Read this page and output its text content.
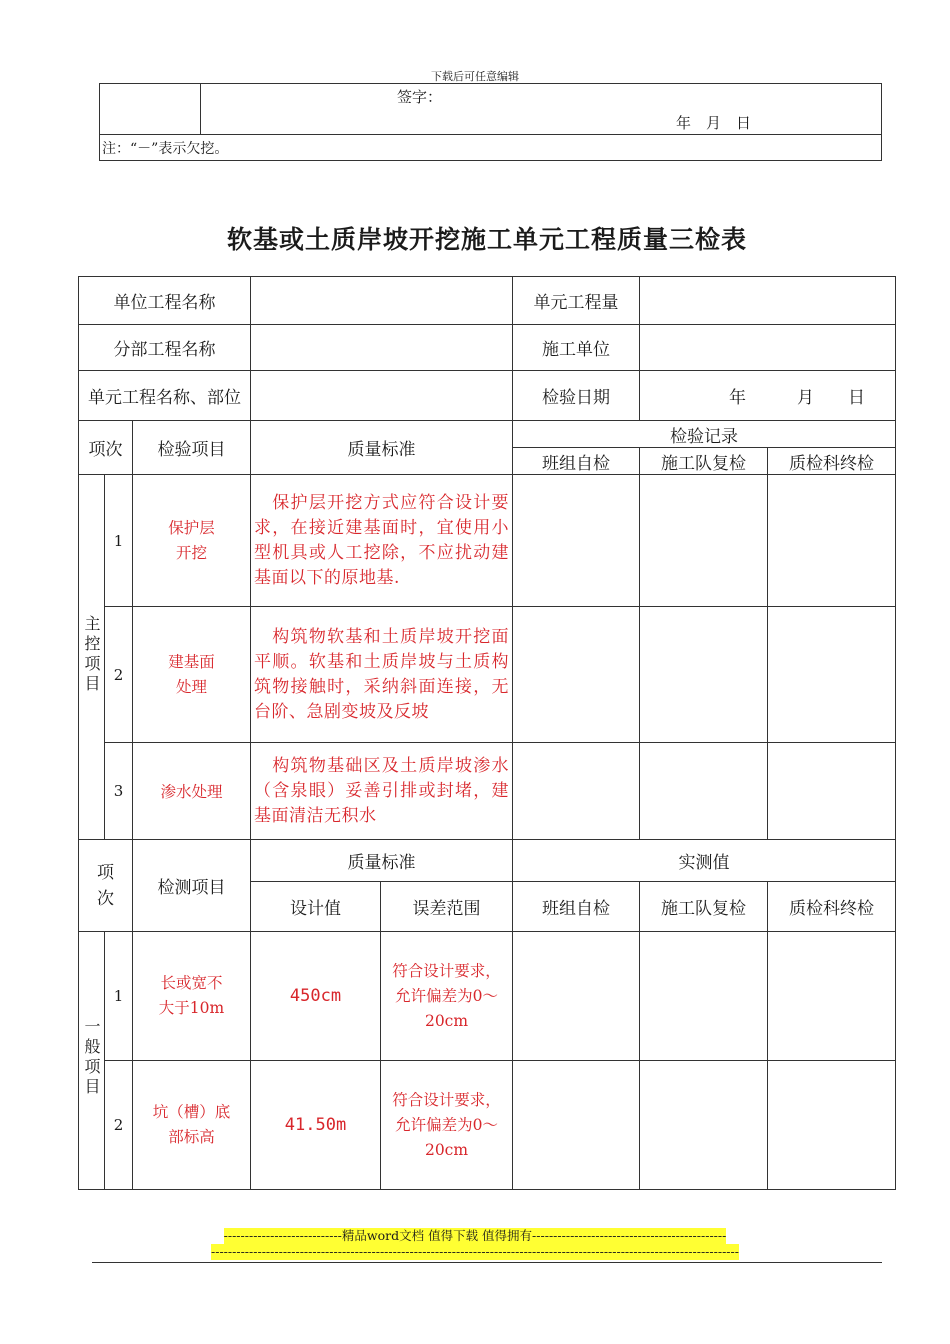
下载后可任意编辑

签字：
年　月　日

注：“－”表示欠挖。
软基或土质岸坡开挖施工单元工程质量三检表
单位工程名称					单元工程量		
分部工程名称					施工单位		
单元工程名称、部位					检验日期	年　　　月　　日	
项次		检验项目	质量标准		检验记录		
					班组自检	施工队复检	质检科终检
主控项目	1	保护层开挖	　保护层开挖方式应符合设计要求，在接近建基面时，宜使用小型机具或人工挖除，不应扰动建基面以下的原地基.				
	2	建基面处理	　构筑物软基和土质岸坡开挖面平顺。软基和土质岸坡与土质构筑物接触时，采纳斜面连接，无台阶、急剧变坡及反坡				
	3	渗水处理	　构筑物基础区及土质岸坡渗水（含泉眼）妥善引排或封堵，建基面清洁无积水				
项次		检测项目	质量标准		实测值		
			设计值	误差范围	班组自检	施工队复检	质检科终检
一般项目	1	长或宽不大于10m	450cm	符合设计要求，允许偏差为0～20cm			
	2	坑（槽）底部标高	41.50m	符合设计要求，允许偏差为0～20cm			
----------------------------精品word文档 值得下载 值得拥有----------------------------------------------
-----------------------------------------------------------------------------------------------------------------------------
